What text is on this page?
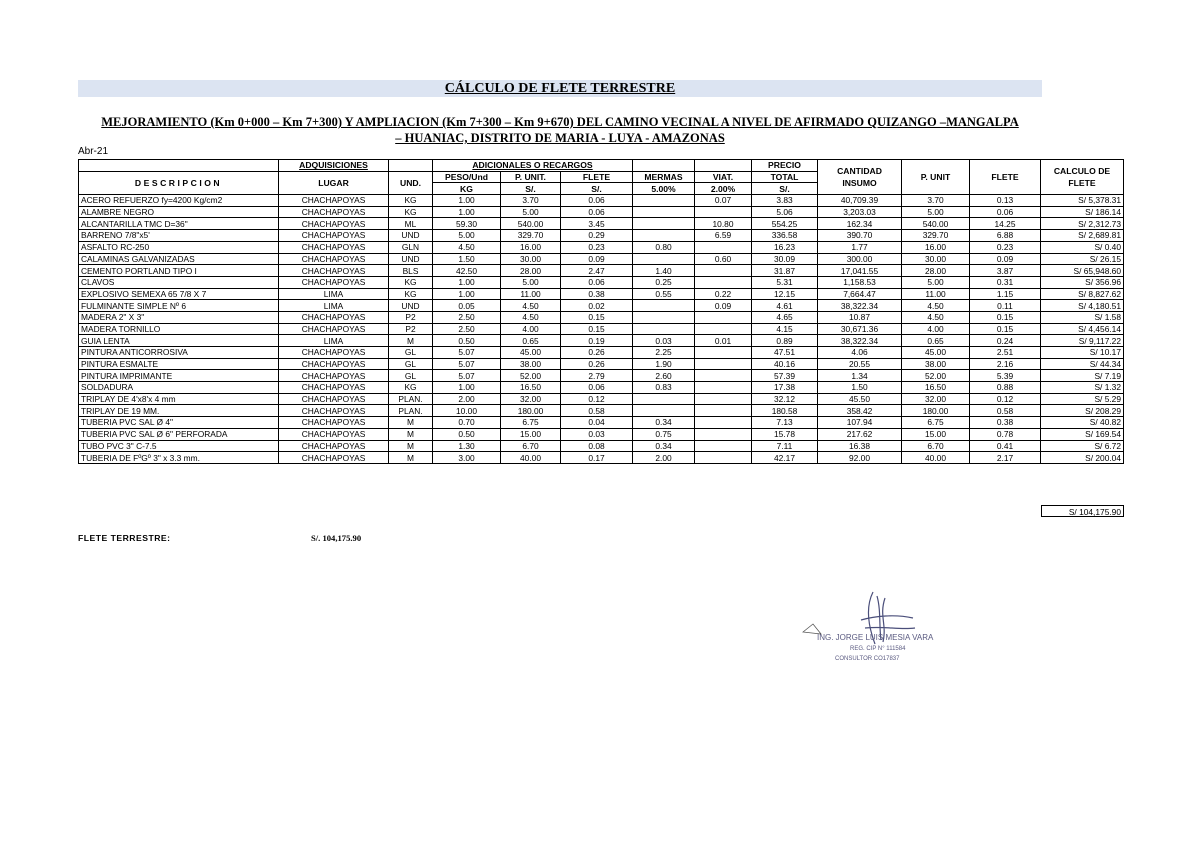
CÁLCULO DE FLETE TERRESTRE
MEJORAMIENTO (Km 0+000 – Km 7+300) Y AMPLIACION (Km 7+300 – Km 9+670) DEL CAMINO VECINAL A NIVEL DE AFIRMADO QUIZANGO –MANGALPA
– HUANIAC, DISTRITO DE MARIA - LUYA - AMAZONAS
Abr-21
	ADQUISICIONES		ADICIONALES O RECARGOS					PRECIO	CANTIDAD INSUMO	P. UNIT	FLETE	CALCULO DE FLETE
DESCRIPCION	LUGAR	UND.	PESO/Und	P. UNIT.	FLETE	MERMAS	VIAT.	TOTAL				
			KG	S/.	S/.	5.00%	2.00%	S/.				
ACERO REFUERZO fy=4200 Kg/cm2	CHACHAPOYAS	KG	1.00	3.70	0.06		0.07	3.83	40,709.39	3.70	0.13	S/ 5,378.31
ALAMBRE NEGRO	CHACHAPOYAS	KG	1.00	5.00	0.06			5.06	3,203.03	5.00	0.06	S/ 186.14
ALCANTARILLA TMC D=36"	CHACHAPOYAS	ML	59.30	540.00	3.45		10.80	554.25	162.34	540.00	14.25	S/ 2,312.73
BARRENO 7/8"x5'	CHACHAPOYAS	UND	5.00	329.70	0.29		6.59	336.58	390.70	329.70	6.88	S/ 2,689.81
ASFALTO RC-250	CHACHAPOYAS	GLN	4.50	16.00	0.23	0.80		16.23	1.77	16.00	0.23	S/ 0.40
CALAMINAS GALVANIZADAS	CHACHAPOYAS	UND	1.50	30.00	0.09		0.60	30.09	300.00	30.00	0.09	S/ 26.15
CEMENTO PORTLAND TIPO I	CHACHAPOYAS	BLS	42.50	28.00	2.47	1.40		31.87	17,041.55	28.00	3.87	S/ 65,948.60
CLAVOS	CHACHAPOYAS	KG	1.00	5.00	0.06	0.25		5.31	1,158.53	5.00	0.31	S/ 356.96
EXPLOSIVO SEMEXA 65 7/8 X 7	LIMA	KG	1.00	11.00	0.38	0.55	0.22	12.15	7,664.47	11.00	1.15	S/ 8,827.62
FULMINANTE SIMPLE Nº 6	LIMA	UND	0.05	4.50	0.02		0.09	4.61	38,322.34	4.50	0.11	S/ 4,180.51
MADERA 2" X 3"	CHACHAPOYAS	P2	2.50	4.50	0.15			4.65	10.87	4.50	0.15	S/ 1.58
MADERA TORNILLO	CHACHAPOYAS	P2	2.50	4.00	0.15			4.15	30,671.36	4.00	0.15	S/ 4,456.14
GUIA LENTA	LIMA	M	0.50	0.65	0.19	0.03	0.01	0.89	38,322.34	0.65	0.24	S/ 9,117.22
PINTURA ANTICORROSIVA	CHACHAPOYAS	GL	5.07	45.00	0.26	2.25		47.51	4.06	45.00	2.51	S/ 10.17
PINTURA ESMALTE	CHACHAPOYAS	GL	5.07	38.00	0.26	1.90		40.16	20.55	38.00	2.16	S/ 44.34
PINTURA IMPRIMANTE	CHACHAPOYAS	GL	5.07	52.00	2.79	2.60		57.39	1.34	52.00	5.39	S/ 7.19
SOLDADURA	CHACHAPOYAS	KG	1.00	16.50	0.06	0.83		17.38	1.50	16.50	0.88	S/ 1.32
TRIPLAY DE 4'x8'x 4 mm	CHACHAPOYAS	PLAN.	2.00	32.00	0.12			32.12	45.50	32.00	0.12	S/ 5.29
TRIPLAY DE 19 MM.	CHACHAPOYAS	PLAN.	10.00	180.00	0.58			180.58	358.42	180.00	0.58	S/ 208.29
TUBERIA PVC SAL Ø 4"	CHACHAPOYAS	M	0.70	6.75	0.04	0.34		7.13	107.94	6.75	0.38	S/ 40.82
TUBERIA PVC SAL Ø 6" PERFORADA	CHACHAPOYAS	M	0.50	15.00	0.03	0.75		15.78	217.62	15.00	0.78	S/ 169.54
TUBO PVC 3" C-7.5	CHACHAPOYAS	M	1.30	6.70	0.08	0.34		7.11	16.38	6.70	0.41	S/ 6.72
TUBERIA DE FºGº 3" x 3.3 mm.	CHACHAPOYAS	M	3.00	40.00	0.17	2.00		42.17	92.00	40.00	2.17	S/ 200.04
S/ 104,175.90
FLETE TERRESTRE:	S/. 104,175.90
ING. JORGE LUIS MESIA VARA
REG. CIP N° 111584
CONSULTOR CO17837
